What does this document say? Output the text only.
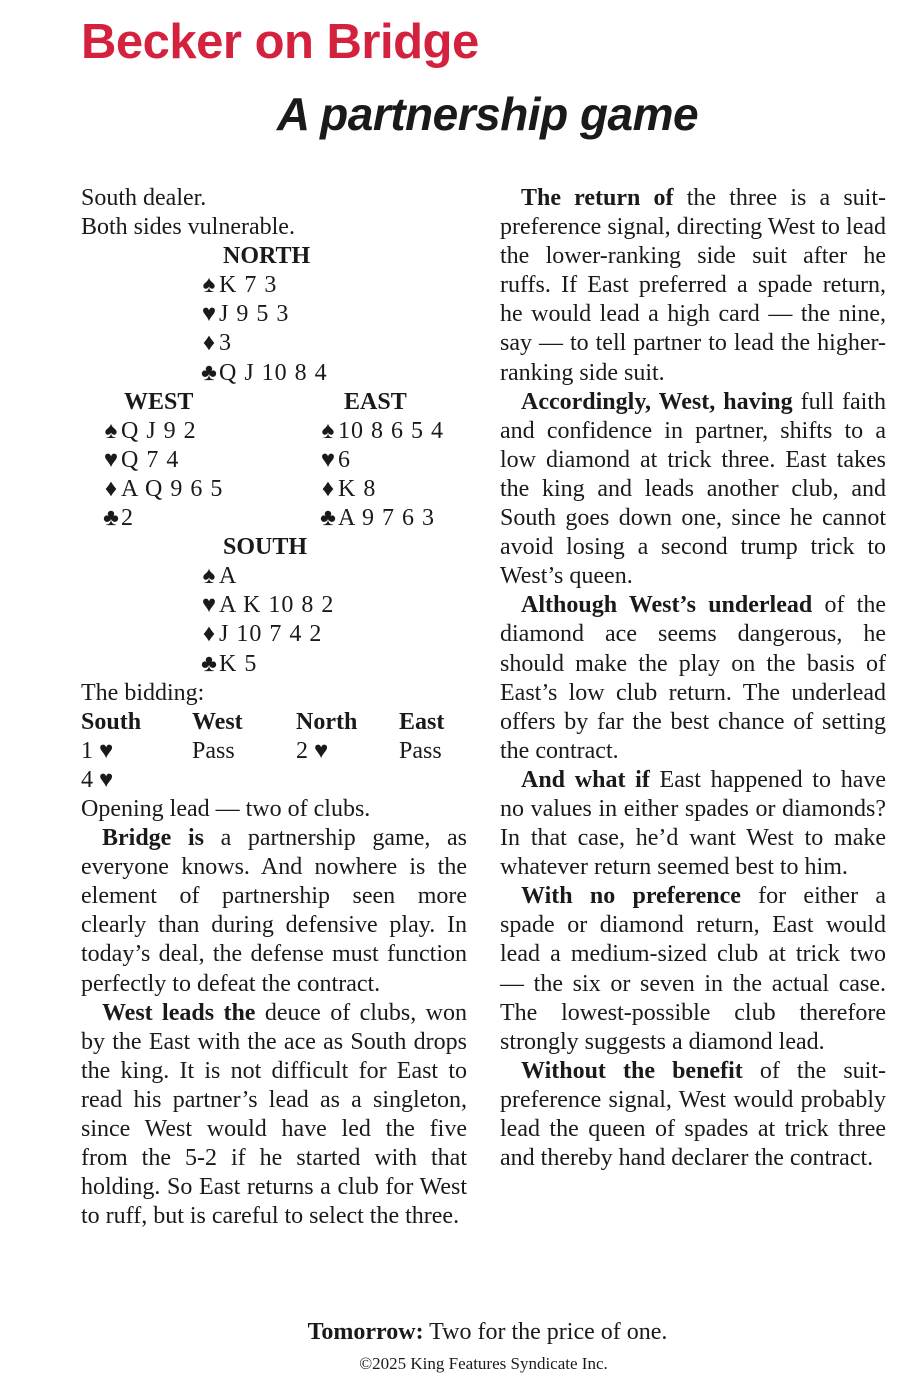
Becker on Bridge
A partnership game
South dealer.
Both sides vulnerable.
NORTH
♠ K 7 3
♥ J 9 5 3
♦ 3
♣Q J 10 8 4
WEST	EAST
♠ Q J 9 2	♠ 10 8 6 5 4
♥ Q 7 4	♥ 6
♦ A Q 9 6 5	♦ K 8
♣2	♣A 9 7 6 3
SOUTH
♠ A
♥ A K 10 8 2
♦ J 10 7 4 2
♣K 5
The bidding:
South West North East
1 ♥	Pass	2 ♥	Pass
4 ♥
Opening lead — two of clubs.

Bridge is a partnership game, as everyone knows. And nowhere is the element of partnership seen more clearly than during defensive play. In today’s deal, the defense must function perfectly to defeat the contract.

West leads the deuce of clubs, won by the East with the ace as South drops the king. It is not difficult for East to read his partner’s lead as a singleton, since West would have led the five from the 5-2 if he started with that holding. So East returns a club for West to ruff, but is careful to select the three.

The return of the three is a suit-preference signal, directing West to lead the lower-ranking side suit after he ruffs. If East preferred a spade return, he would lead a high card — the nine, say — to tell partner to lead the higher-ranking side suit.

Accordingly, West, having full faith and confidence in partner, shifts to a low diamond at trick three. East takes the king and leads another club, and South goes down one, since he cannot avoid losing a second trump trick to West’s queen.

Although West’s underlead of the diamond ace seems dangerous, he should make the play on the basis of East’s low club return. The underlead offers by far the best chance of setting the contract.

And what if East happened to have no values in either spades or diamonds? In that case, he’d want West to make whatever return seemed best to him.

With no preference for either a spade or diamond return, East would lead a medium-sized club at trick two — the six or seven in the actual case. The lowest-possible club therefore strongly suggests a diamond lead.

Without the benefit of the suit-preference signal, West would probably lead the queen of spades at trick three and thereby hand declarer the contract.

Tomorrow: Two for the price of one.
©2025 King Features Syndicate Inc.
